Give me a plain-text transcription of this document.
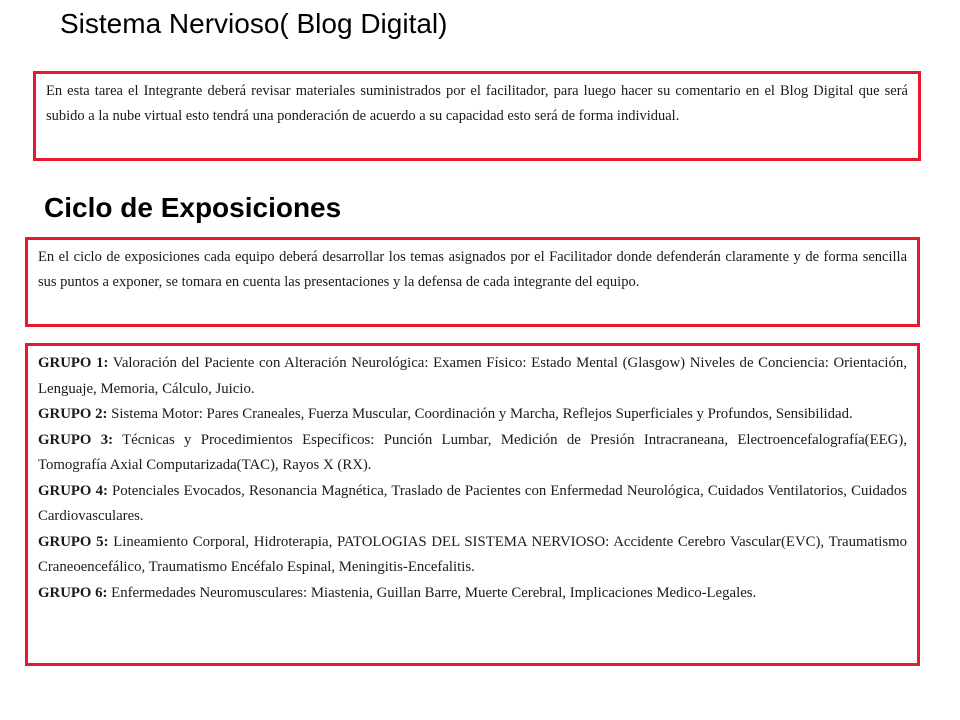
Sistema Nervioso( Blog Digital)

En esta tarea el Integrante deberá revisar materiales suministrados por el facilitador, para luego hacer su comentario en el Blog Digital que será subido a la nube virtual esto tendrá una ponderación de acuerdo a su capacidad esto será de forma individual.

Ciclo de Exposiciones

En el ciclo de exposiciones cada equipo deberá desarrollar los temas asignados por el Facilitador donde defenderán claramente y de forma sencilla sus puntos a exponer, se tomara en cuenta las presentaciones y la defensa de cada integrante del equipo.

GRUPO 1: Valoración del Paciente con Alteración Neurológica: Examen Físico: Estado Mental (Glasgow) Niveles de Conciencia: Orientación, Lenguaje, Memoria, Cálculo, Juicio.

GRUPO 2: Sistema Motor: Pares Craneales, Fuerza Muscular, Coordinación y Marcha, Reflejos Superficiales y Profundos, Sensibilidad.

GRUPO 3: Técnicas y Procedimientos Específicos: Punción Lumbar, Medición de Presión Intracraneana, Electroencefalografía(EEG), Tomografía Axial Computarizada(TAC), Rayos X (RX).

GRUPO 4: Potenciales Evocados, Resonancia Magnética, Traslado de Pacientes con Enfermedad Neurológica, Cuidados Ventilatorios, Cuidados Cardiovasculares.

GRUPO 5: Lineamiento Corporal, Hidroterapia, PATOLOGIAS DEL SISTEMA NERVIOSO: Accidente Cerebro Vascular(EVC), Traumatismo Craneoencefálico, Traumatismo Encéfalo Espinal, Meningitis-Encefalitis.

GRUPO 6: Enfermedades Neuromusculares: Miastenia, Guillan Barre, Muerte Cerebral, Implicaciones Medico-Legales.
